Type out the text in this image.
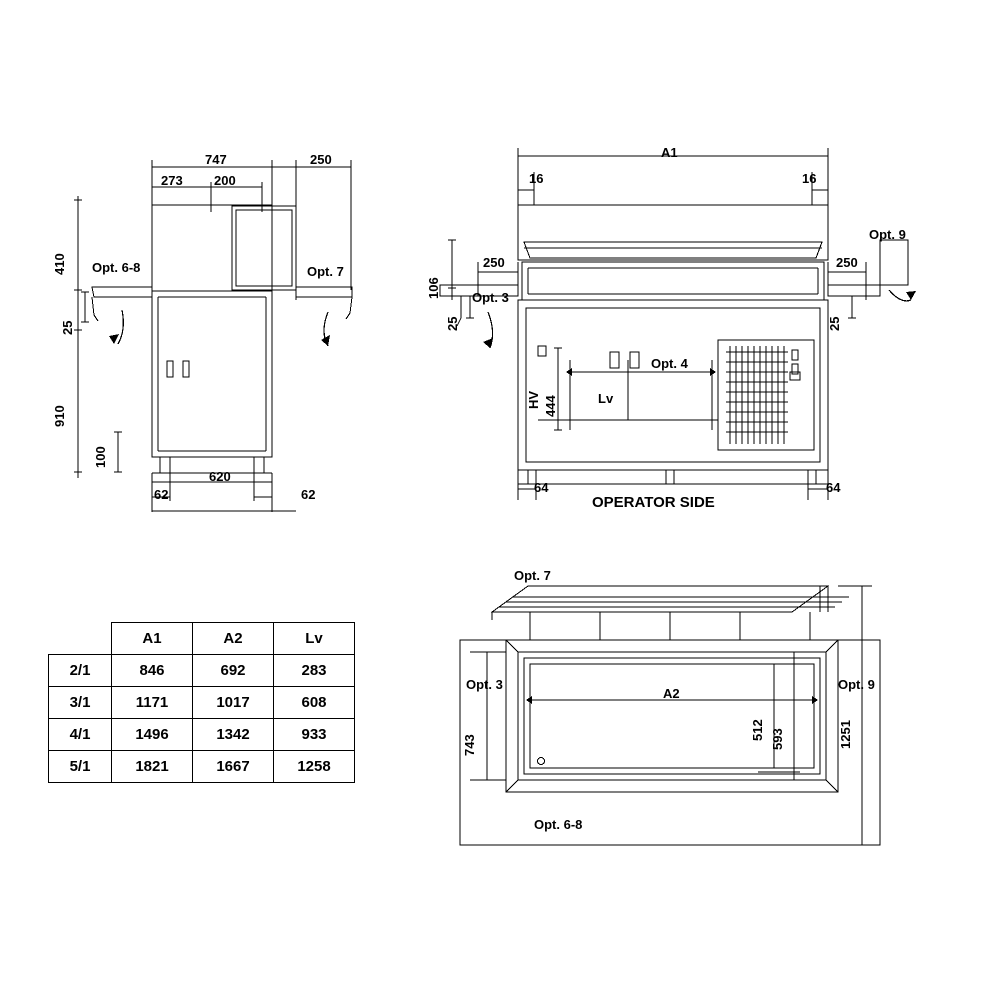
747	250
273 200
410
25
910
100
620
62	62
Opt. 6-8	Opt. 7
A1
16	16
250	250
106
25	25
64	64
HV 444	Lv
Opt. 3
Opt. 4
Opt. 9
OPERATOR SIDE
Opt. 7
Opt. 3	Opt. 9
Opt. 6-8
A2
743
512 593	1251
	A1	A2	Lv
2/1	846	692	283
3/1	1171	1017	608
4/1	1496	1342	933
5/1	1821	1667	1258
